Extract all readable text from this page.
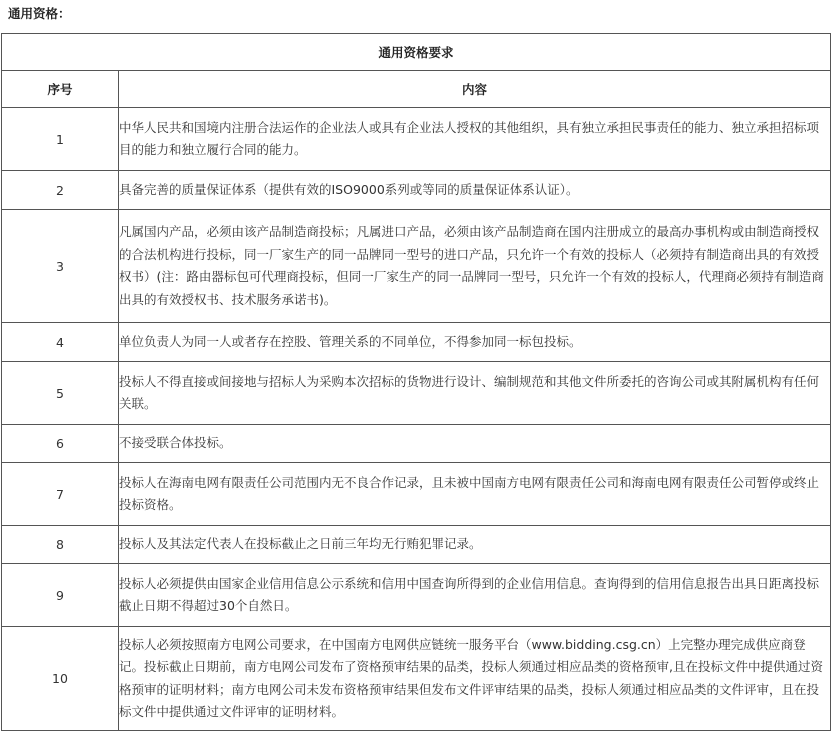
通用资格：
通用资格要求	
序号	内容
1	中华人民共和国境内注册合法运作的企业法人或具有企业法人授权的其他组织，具有独立承担民事责任的能力、独立承担招标项目的能力和独立履行合同的能力。
2	具备完善的质量保证体系（提供有效的ISO9000系列或等同的质量保证体系认证）。
3	凡属国内产品，必须由该产品制造商投标；凡属进口产品，必须由该产品制造商在国内注册成立的最高办事机构或由制造商授权的合法机构进行投标，同一厂家生产的同一品牌同一型号的进口产品，只允许一个有效的投标人（必须持有制造商出具的有效授权书）(注：路由器标包可代理商投标，但同一厂家生产的同一品牌同一型号，只允许一个有效的投标人，代理商必须持有制造商出具的有效授权书、技术服务承诺书)。
4	单位负责人为同一人或者存在控股、管理关系的不同单位，不得参加同一标包投标。
5	投标人不得直接或间接地与招标人为采购本次招标的货物进行设计、编制规范和其他文件所委托的咨询公司或其附属机构有任何关联。
6	不接受联合体投标。
7	投标人在海南电网有限责任公司范围内无不良合作记录，且未被中国南方电网有限责任公司和海南电网有限责任公司暂停或终止投标资格。
8	投标人及其法定代表人在投标截止之日前三年均无行贿犯罪记录。
9	投标人必须提供由国家企业信用信息公示系统和信用中国查询所得到的企业信用信息。查询得到的信用信息报告出具日距离投标截止日期不得超过30个自然日。
10	投标人必须按照南方电网公司要求，在中国南方电网供应链统一服务平台（www.bidding.csg.cn）上完整办理完成供应商登记。投标截止日期前，南方电网公司发布了资格预审结果的品类，投标人须通过相应品类的资格预审,且在投标文件中提供通过资格预审的证明材料；南方电网公司未发布资格预审结果但发布文件评审结果的品类，投标人须通过相应品类的文件评审，且在投标文件中提供通过文件评审的证明材料。
